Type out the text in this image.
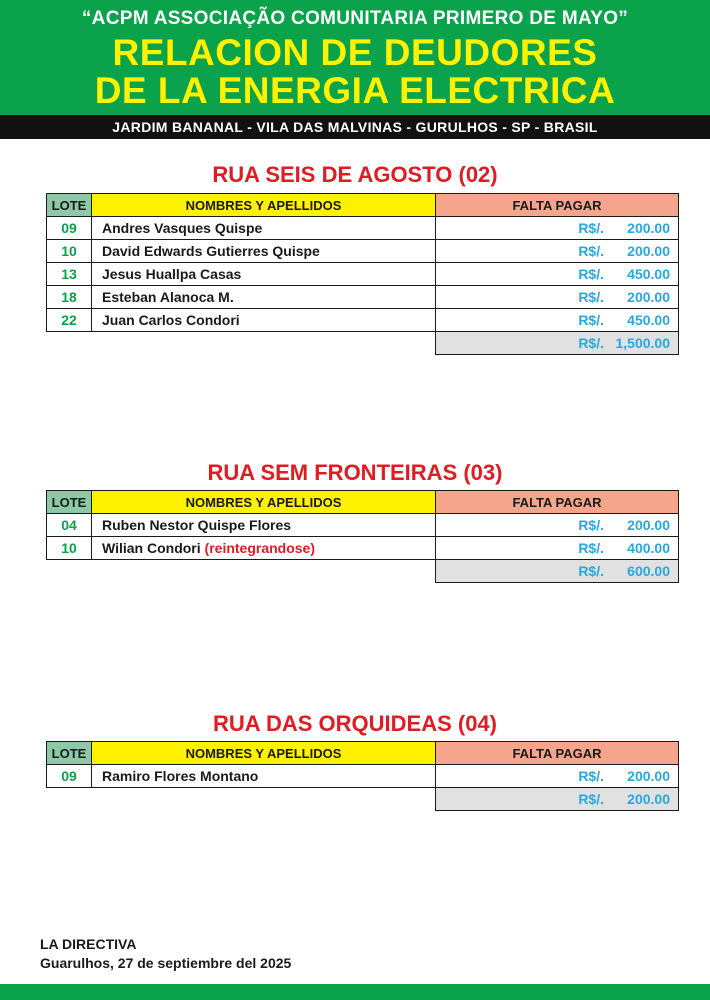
“ACPM ASSOCIAÇÃO COMUNITARIA PRIMERO DE MAYO”
RELACION DE DEUDORES
DE LA ENERGIA ELECTRICA
JARDIM BANANAL - VILA DAS MALVINAS - GURULHOS - SP - BRASIL
RUA SEIS DE AGOSTO (02)
LOTE	NOMBRES Y APELLIDOS	FALTA PAGAR
09	Andres Vasques Quispe	R$/. 200.00
10	David Edwards Gutierres Quispe	R$/. 200.00
13	Jesus Huallpa Casas	R$/. 450.00
18	Esteban Alanoca M.	R$/. 200.00
22	Juan Carlos Condori	R$/. 450.00
		R$/. 1,500.00
RUA SEM FRONTEIRAS (03)
LOTE	NOMBRES Y APELLIDOS	FALTA PAGAR
04	Ruben Nestor Quispe Flores	R$/. 200.00
10	Wilian Condori (reintegrandose)	R$/. 400.00
		R$/. 600.00
RUA DAS ORQUIDEAS (04)
LOTE	NOMBRES Y APELLIDOS	FALTA PAGAR
09	Ramiro Flores Montano	R$/. 200.00
		R$/. 200.00
LA DIRECTIVA
Guarulhos, 27 de septiembre del 2025
